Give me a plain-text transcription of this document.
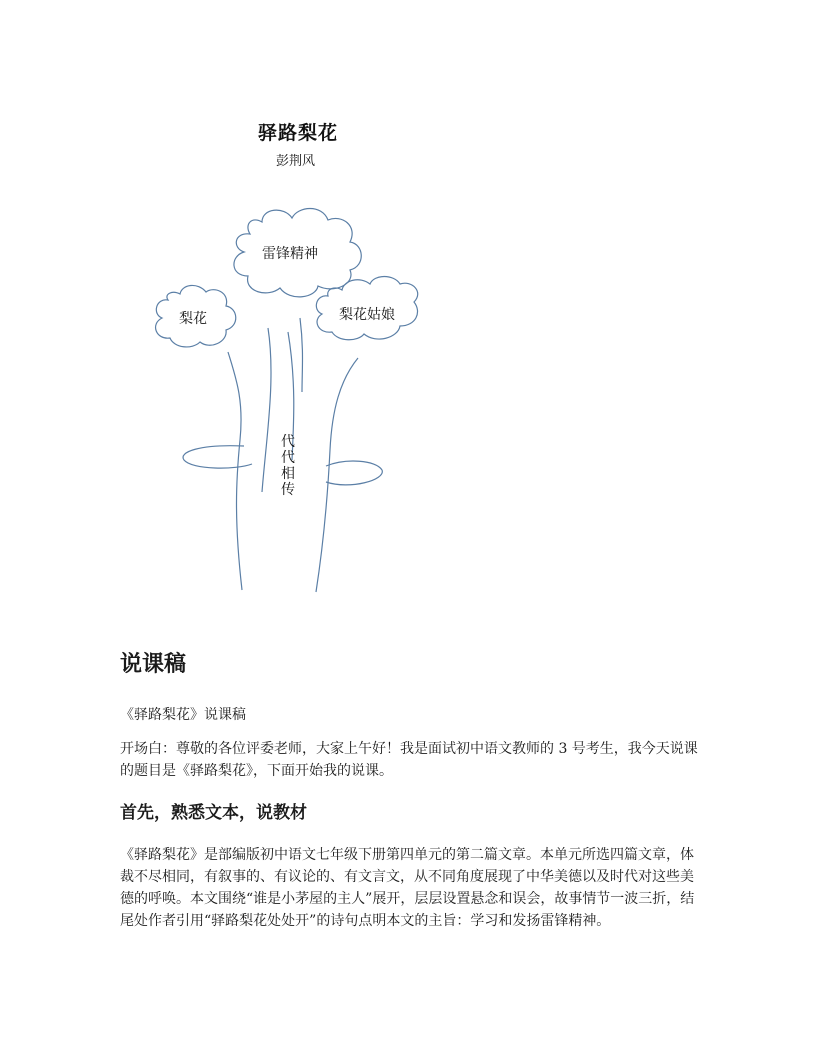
驿路梨花
彭荆风
雷锋精神
梨花	梨花姑娘
代代相传
说课稿

《驿路梨花》说课稿

开场白：尊敬的各位评委老师，大家上午好！我是面试初中语文教师的 3 号考生，我今天说课的题目是《驿路梨花》，下面开始我的说课。

首先，熟悉文本，说教材

《驿路梨花》是部编版初中语文七年级下册第四单元的第二篇文章。本单元所选四篇文章，体裁不尽相同，有叙事的、有议论的、有文言文，从不同角度展现了中华美德以及时代对这些美德的呼唤。本文围绕“谁是小茅屋的主人”展开，层层设置悬念和误会，故事情节一波三折，结尾处作者引用“驿路梨花处处开”的诗句点明本文的主旨：学习和发扬雷锋精神。
